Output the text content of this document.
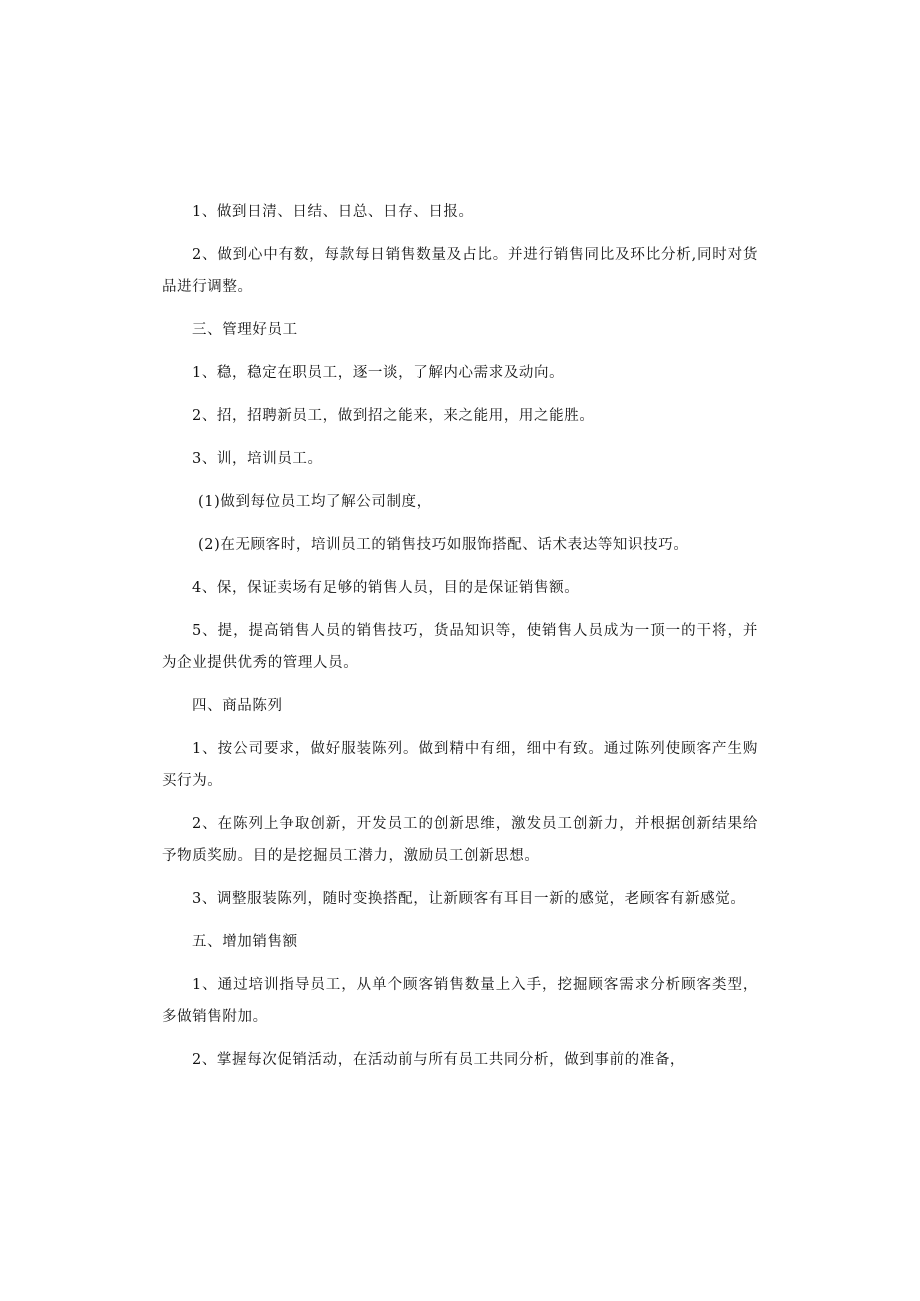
1、做到日清、日结、日总、日存、日报。

2、做到心中有数，每款每日销售数量及占比。并进行销售同比及环比分析,同时对货品进行调整。

三、管理好员工

1、稳，稳定在职员工，逐一谈，了解内心需求及动向。

2、招，招聘新员工，做到招之能来，来之能用，用之能胜。

3、训，培训员工。

(1)做到每位员工均了解公司制度，

(2)在无顾客时，培训员工的销售技巧如服饰搭配、话术表达等知识技巧。

4、保，保证卖场有足够的销售人员，目的是保证销售额。

5、提，提高销售人员的销售技巧，货品知识等，使销售人员成为一顶一的干将，并为企业提供优秀的管理人员。

四、商品陈列

1、按公司要求，做好服装陈列。做到精中有细，细中有致。通过陈列使顾客产生购买行为。

2、在陈列上争取创新，开发员工的创新思维，激发员工创新力，并根据创新结果给予物质奖励。目的是挖掘员工潜力，激励员工创新思想。

3、调整服装陈列，随时变换搭配，让新顾客有耳目一新的感觉，老顾客有新感觉。

五、增加销售额

1、通过培训指导员工，从单个顾客销售数量上入手，挖掘顾客需求分析顾客类型，多做销售附加。

2、掌握每次促销活动，在活动前与所有员工共同分析，做到事前的准备，
